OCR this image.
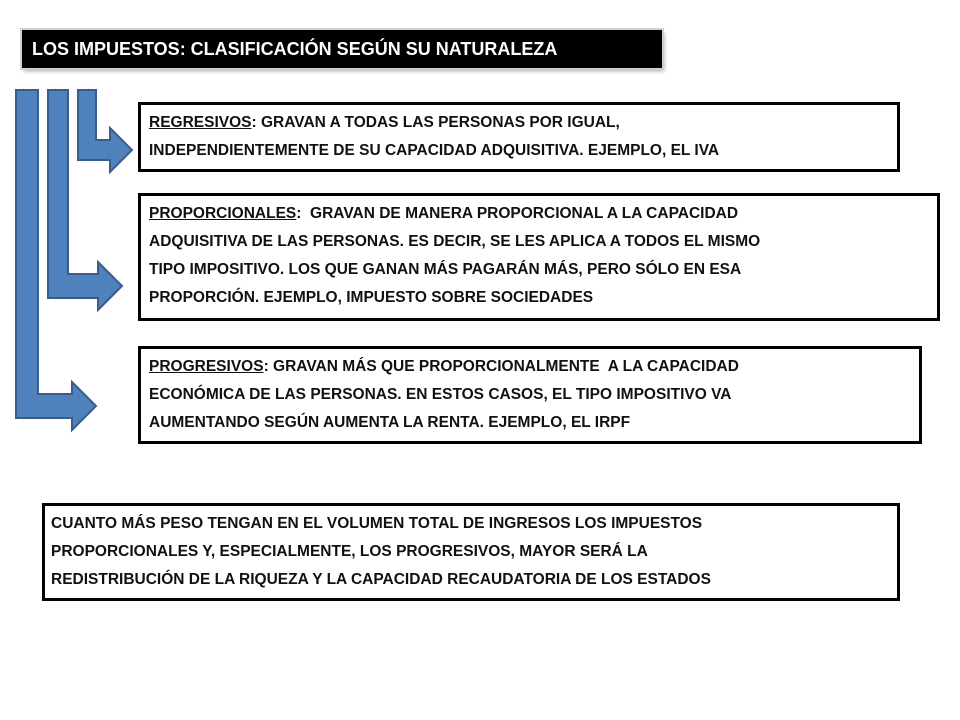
LOS IMPUESTOS: CLASIFICACIÓN SEGÚN SU NATURALEZA
REGRESIVOS: GRAVAN A TODAS LAS PERSONAS POR IGUAL,
INDEPENDIENTEMENTE DE SU CAPACIDAD ADQUISITIVA. EJEMPLO, EL IVA
PROPORCIONALES:  GRAVAN DE MANERA PROPORCIONAL A LA CAPACIDAD
ADQUISITIVA DE LAS PERSONAS. ES DECIR, SE LES APLICA A TODOS EL MISMO
TIPO IMPOSITIVO. LOS QUE GANAN MÁS PAGARÁN MÁS, PERO SÓLO EN ESA
PROPORCIÓN. EJEMPLO, IMPUESTO SOBRE SOCIEDADES
PROGRESIVOS: GRAVAN MÁS QUE PROPORCIONALMENTE  A LA CAPACIDAD
ECONÓMICA DE LAS PERSONAS. EN ESTOS CASOS, EL TIPO IMPOSITIVO VA
AUMENTANDO SEGÚN AUMENTA LA RENTA. EJEMPLO, EL IRPF
CUANTO MÁS PESO TENGAN EN EL VOLUMEN TOTAL DE INGRESOS LOS IMPUESTOS
PROPORCIONALES Y, ESPECIALMENTE, LOS PROGRESIVOS, MAYOR SERÁ LA
REDISTRIBUCIÓN DE LA RIQUEZA Y LA CAPACIDAD RECAUDATORIA DE LOS ESTADOS
